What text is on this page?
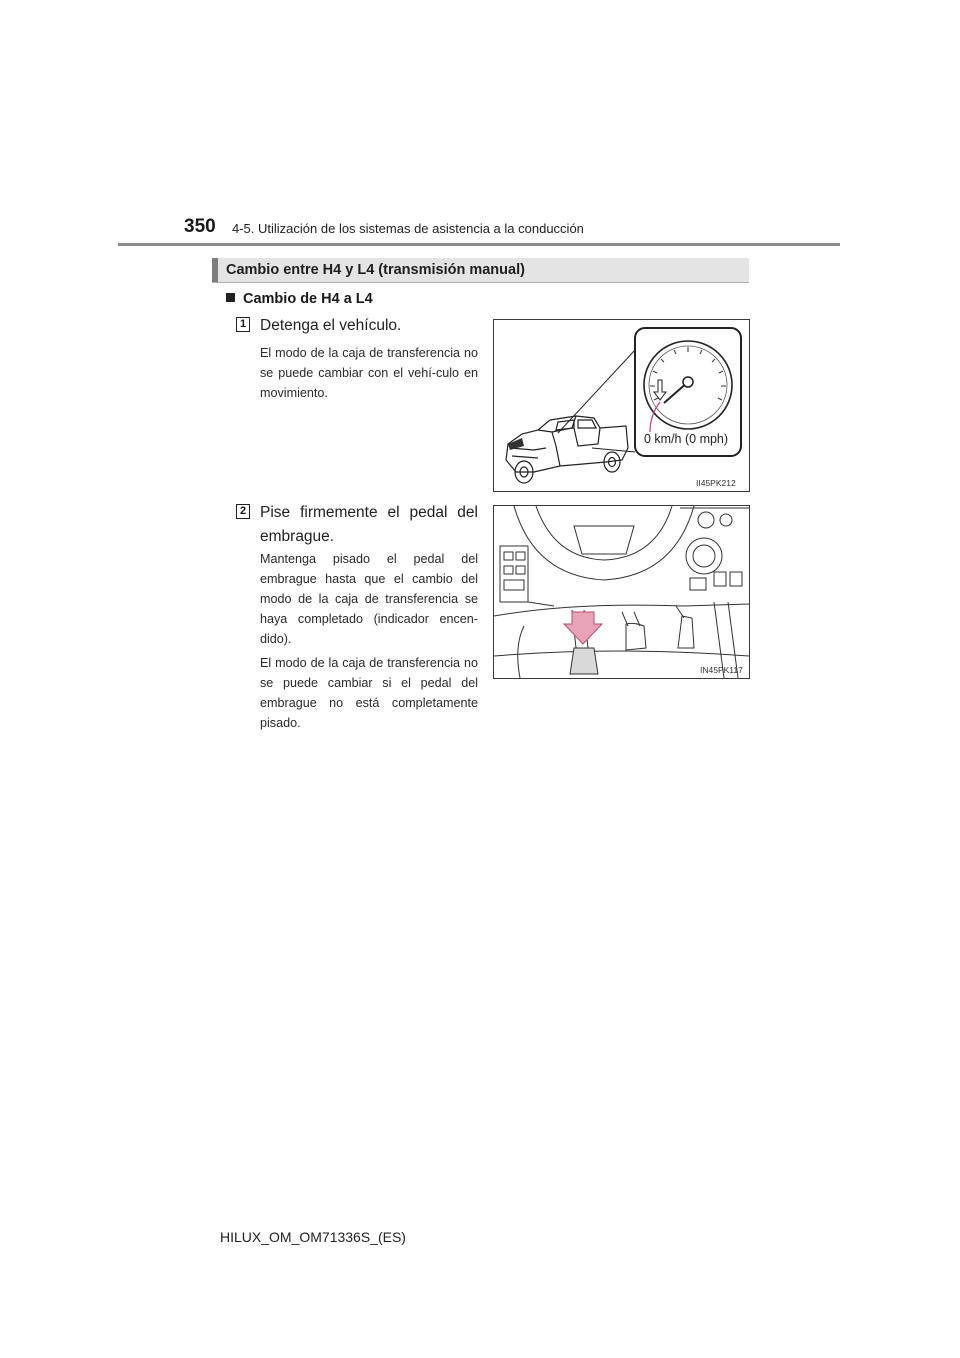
350 4-5. Utilización de los sistemas de asistencia a la conducción
Cambio entre H4 y L4 (transmisión manual)
Cambio de H4 a L4
1 Detenga el vehículo.
El modo de la caja de transferencia no se puede cambiar con el vehí-culo en movimiento.
0 km/h (0 mph)
II45PK212
2 Pise firmemente el pedal del embrague.
Mantenga pisado el pedal del embrague hasta que el cambio del modo de la caja de transferencia se haya completado (indicador encen-dido).
El modo de la caja de transferencia no se puede cambiar si el pedal del embrague no está completamente pisado.
IN45PK117
HILUX_OM_OM71336S_(ES)
